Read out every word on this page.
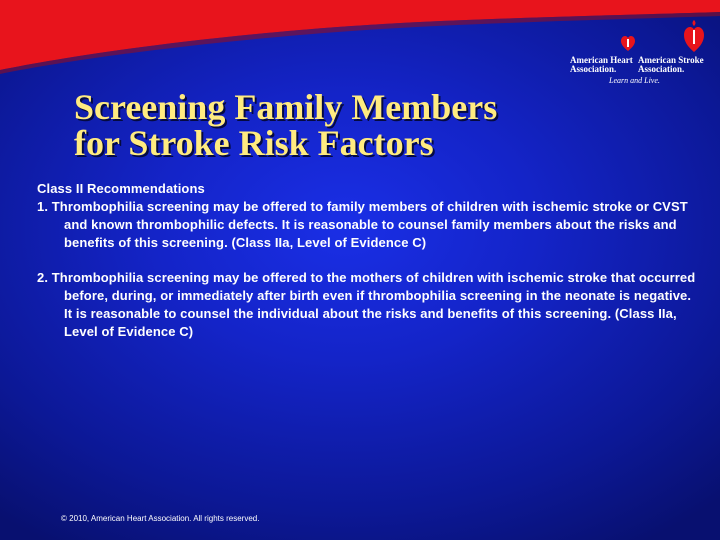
American Heart
Association.
American Stroke
Association.
Learn and Live.
Screening Family Members
for Stroke Risk Factors

Class II Recommendations

1. Thrombophilia screening may be offered to family members of children with ischemic stroke or CVST and known thrombophilic defects. It is reasonable to counsel family members about the risks and benefits of this screening. (Class IIa, Level of Evidence C)

2. Thrombophilia screening may be offered to the mothers of children with ischemic stroke that occurred before, during, or immediately after birth even if thrombophilia screening in the neonate is negative. It is reasonable to counsel the individual about the risks and benefits of this screening. (Class IIa, Level of Evidence C)

© 2010, American Heart Association. All rights reserved.
